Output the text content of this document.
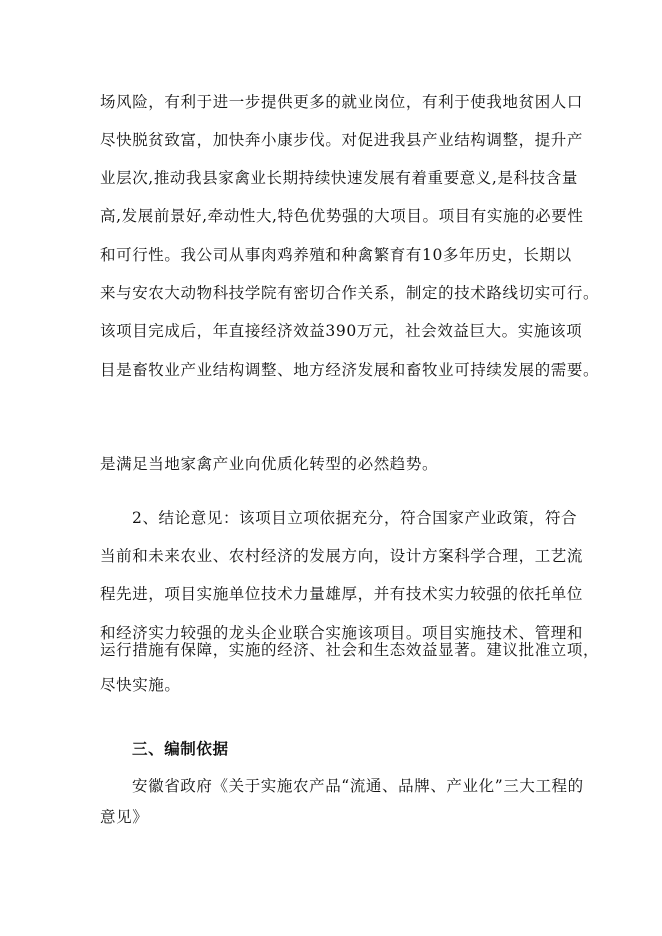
场风险，有利于进一步提供更多的就业岗位，有利于使我地贫困人口
尽快脱贫致富，加快奔小康步伐。对促进我县产业结构调整，提升产
业层次,推动我县家禽业长期持续快速发展有着重要意义,是科技含量
高,发展前景好,牵动性大,特色优势强的大项目。项目有实施的必要性
和可行性。我公司从事肉鸡养殖和种禽繁育有10多年历史，长期以
来与安农大动物科技学院有密切合作关系，制定的技术路线切实可行。
该项目完成后，年直接经济效益390万元，社会效益巨大。实施该项
目是畜牧业产业结构调整、地方经济发展和畜牧业可持续发展的需要。
是满足当地家禽产业向优质化转型的必然趋势。
2、结论意见：该项目立项依据充分，符合国家产业政策，符合
当前和未来农业、农村经济的发展方向，设计方案科学合理，工艺流
程先进，项目实施单位技术力量雄厚，并有技术实力较强的依托单位
和经济实力较强的龙头企业联合实施该项目。项目实施技术、管理和
运行措施有保障，实施的经济、社会和生态效益显著。建议批准立项，
尽快实施。
三、编制依据
安徽省政府《关于实施农产品“流通、品牌、产业化”三大工程的
意见》
